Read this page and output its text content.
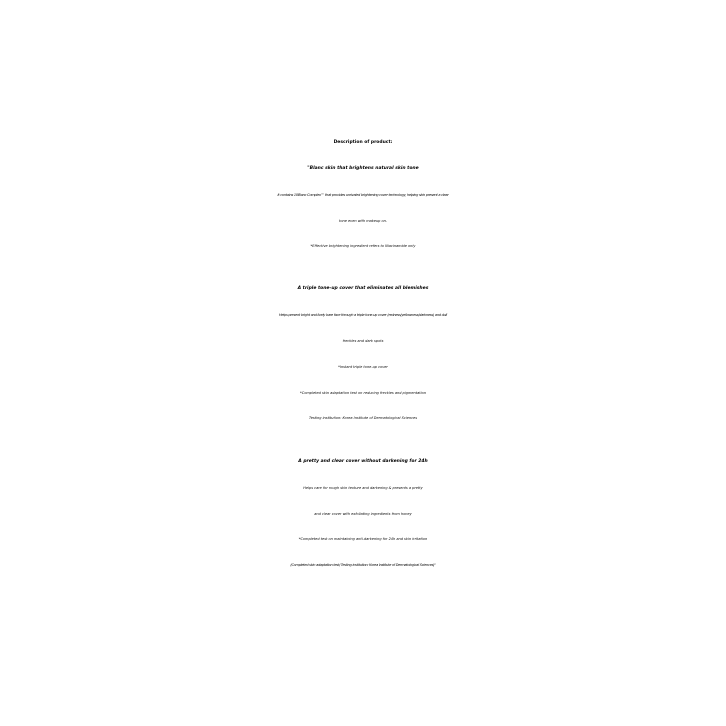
Description of product:
"Blanc skin that brightens natural skin tone
It contains 10Blanc Complex™ that provides unrivaled brightening cover technology, helping skin present a clear
tone even with makeup on.
*Effective brightening ingredient refers to Niacinamide only
A triple tone-up cover that eliminates all blemishes
Helps present bright and lively bare face through a triple tone-up cover (redness/yellowness/darkness) and dull
freckles and dark spots
*Instant triple tone-up cover
*Completed skin adaptation test on reducing freckles and pigmentation
Testing institution: Korea Institute of Dermatological Sciences
A pretty and clear cover without darkening for 24h
Helps care for rough skin texture and darkening & presents a pretty
and clear cover with exfoliating ingredients from honey
*Completed test on maintaining anti-darkening for 24h and skin irritation
(Completed skin adaptation test/ Testing institution: Korea Institute of Dermatological Sciences)"
